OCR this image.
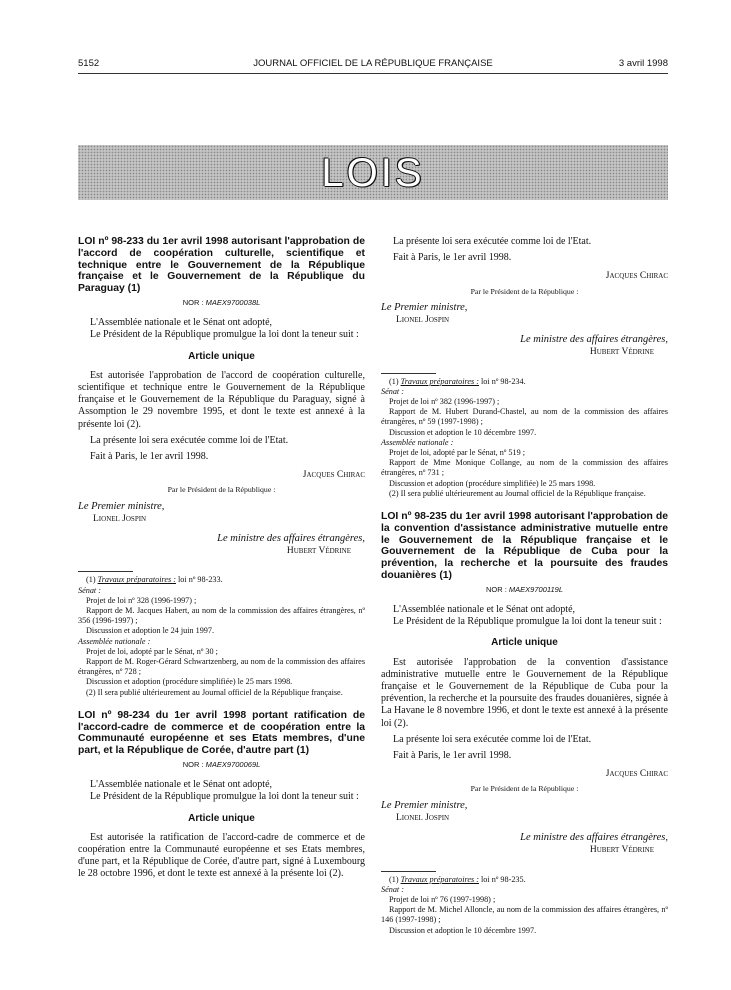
5152	JOURNAL OFFICIEL DE LA RÉPUBLIQUE FRANÇAISE	3 avril 1998
LOIS
LOI nº 98-233 du 1er avril 1998 autorisant l'approbation de l'accord de coopération culturelle, scientifique et technique entre le Gouvernement de la République française et le Gouvernement de la République du Paraguay (1)
NOR : MAEX9700038L

L'Assemblée nationale et le Sénat ont adopté,

Le Président de la République promulgue la loi dont la teneur suit :

Article unique

Est autorisée l'approbation de l'accord de coopération culturelle, scientifique et technique entre le Gouvernement de la République française et le Gouvernement de la République du Paraguay, signé à Assomption le 29 novembre 1995, et dont le texte est annexé à la présente loi (2).

La présente loi sera exécutée comme loi de l'Etat.

Fait à Paris, le 1er avril 1998.

Jacques Chirac
Par le Président de la République :
Le Premier ministre,
Lionel Jospin
Le ministre des affaires étrangères,
Hubert Védrine

(1) Travaux préparatoires : loi nº 98-233.

Sénat :

Projet de loi nº 328 (1996-1997) ;

Rapport de M. Jacques Habert, au nom de la commission des affaires étrangères, nº 356 (1996-1997) ;

Discussion et adoption le 24 juin 1997.

Assemblée nationale :

Projet de loi, adopté par le Sénat, nº 30 ;

Rapport de M. Roger-Gérard Schwartzenberg, au nom de la commission des affaires étrangères, nº 728 ;

Discussion et adoption (procédure simplifiée) le 25 mars 1998.

(2) Il sera publié ultérieurement au Journal officiel de la République française.

LOI nº 98-234 du 1er avril 1998 portant ratification de l'accord-cadre de commerce et de coopération entre la Communauté européenne et ses Etats membres, d'une part, et la République de Corée, d'autre part (1)
NOR : MAEX9700069L

L'Assemblée nationale et le Sénat ont adopté,

Le Président de la République promulgue la loi dont la teneur suit :

Article unique

Est autorisée la ratification de l'accord-cadre de commerce et de coopération entre la Communauté européenne et ses Etats membres, d'une part, et la République de Corée, d'autre part, signé à Luxembourg le 28 octobre 1996, et dont le texte est annexé à la présente loi (2).

La présente loi sera exécutée comme loi de l'Etat.

Fait à Paris, le 1er avril 1998.

Jacques Chirac
Par le Président de la République :
Le Premier ministre,
Lionel Jospin
Le ministre des affaires étrangères,
Hubert Védrine

(1) Travaux préparatoires : loi nº 98-234.

Sénat :

Projet de loi nº 382 (1996-1997) ;

Rapport de M. Hubert Durand-Chastel, au nom de la commission des affaires étrangères, nº 59 (1997-1998) ;

Discussion et adoption le 10 décembre 1997.

Assemblée nationale :

Projet de loi, adopté par le Sénat, nº 519 ;

Rapport de Mme Monique Collange, au nom de la commission des affaires étrangères, nº 731 ;

Discussion et adoption (procédure simplifiée) le 25 mars 1998.

(2) Il sera publié ultérieurement au Journal officiel de la République française.

LOI nº 98-235 du 1er avril 1998 autorisant l'approbation de la convention d'assistance administrative mutuelle entre le Gouvernement de la République française et le Gouvernement de la République de Cuba pour la prévention, la recherche et la poursuite des fraudes douanières (1)
NOR : MAEX9700119L

L'Assemblée nationale et le Sénat ont adopté,

Le Président de la République promulgue la loi dont la teneur suit :

Article unique

Est autorisée l'approbation de la convention d'assistance administrative mutuelle entre le Gouvernement de la République française et le Gouvernement de la République de Cuba pour la prévention, la recherche et la poursuite des fraudes douanières, signée à La Havane le 8 novembre 1996, et dont le texte est annexé à la présente loi (2).

La présente loi sera exécutée comme loi de l'Etat.

Fait à Paris, le 1er avril 1998.

Jacques Chirac
Par le Président de la République :
Le Premier ministre,
Lionel Jospin
Le ministre des affaires étrangères,
Hubert Védrine

(1) Travaux préparatoires : loi nº 98-235.

Sénat :

Projet de loi nº 76 (1997-1998) ;

Rapport de M. Michel Alloncle, au nom de la commission des affaires étrangères, nº 146 (1997-1998) ;

Discussion et adoption le 10 décembre 1997.
